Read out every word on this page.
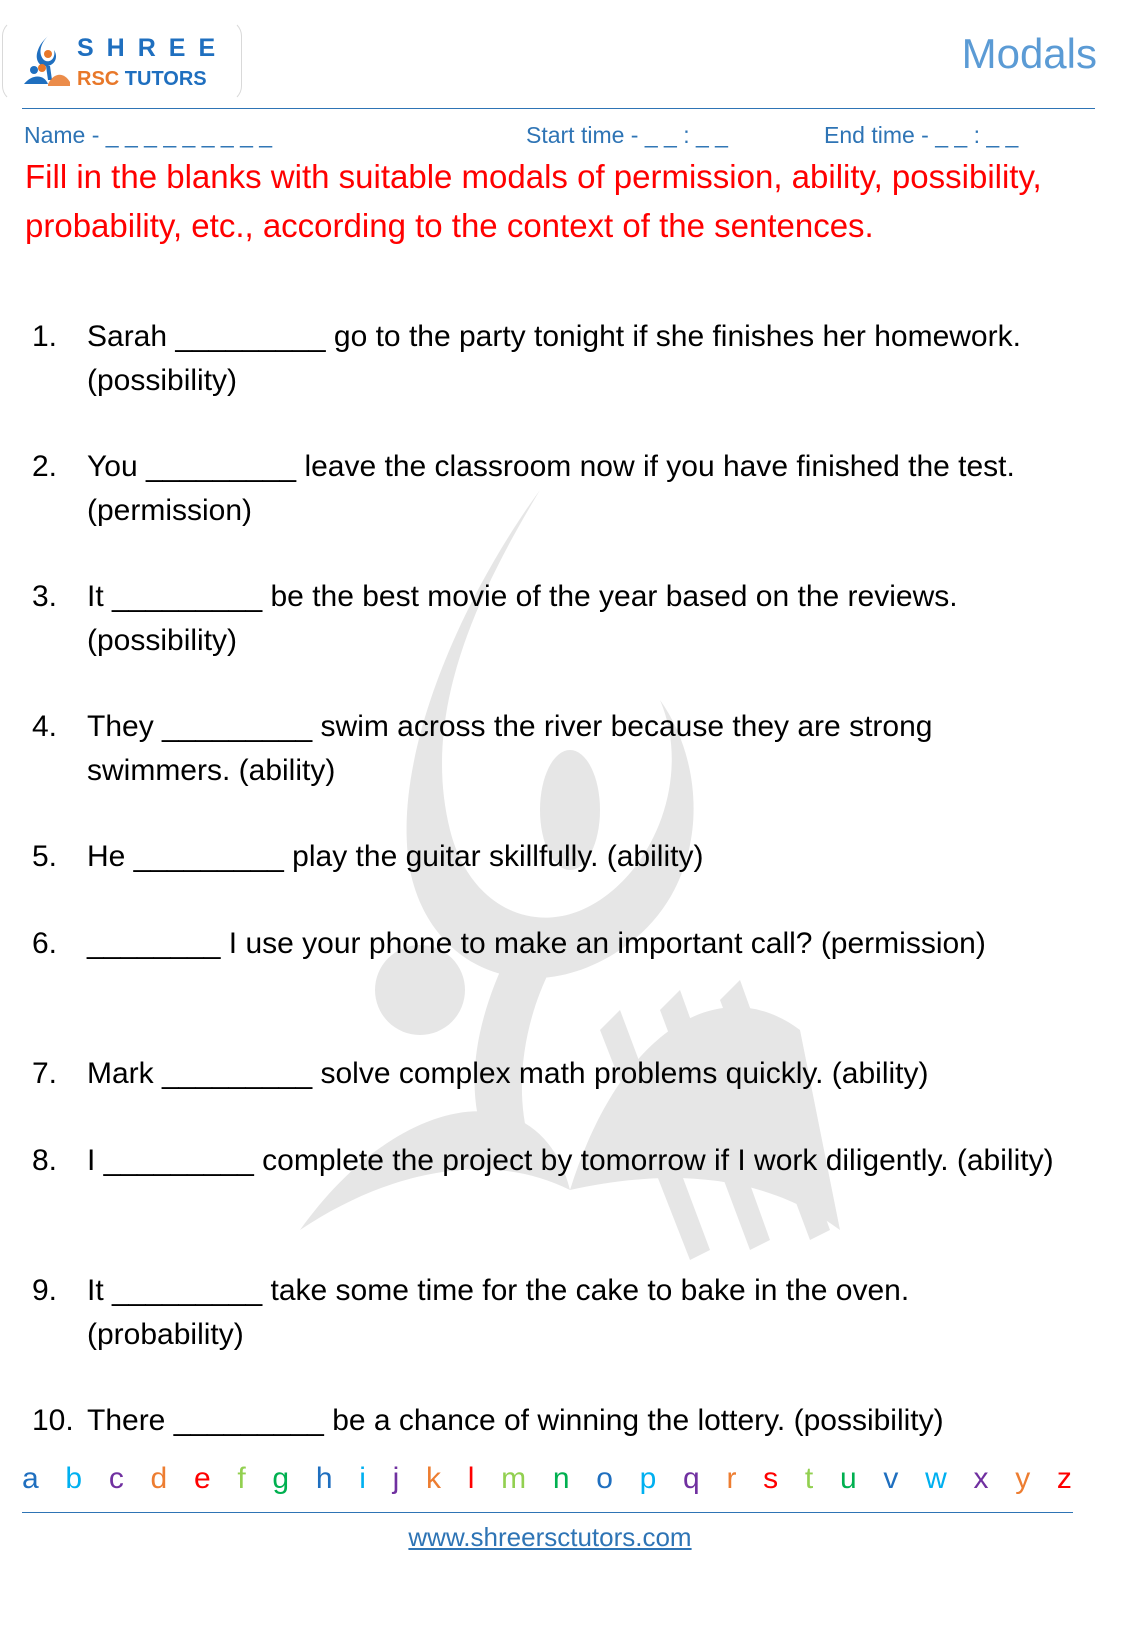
SHREE
RSC TUTORS
Modals
Name - _ _ _ _ _ _ _ _ _	Start time - _ _ : _ _	End time - _ _ : _ _
Fill in the blanks with suitable modals of permission, ability, possibility, probability, etc., according to the context of the sentences.
1. Sarah _________ go to the party tonight if she finishes her homework. (possibility)
2. You _________ leave the classroom now if you have finished the test. (permission)
3. It _________ be the best movie of the year based on the reviews. (possibility)
4. They _________ swim across the river because they are strong swimmers. (ability)
5. He _________ play the guitar skillfully. (ability)
6. ________ I use your phone to make an important call? (permission)
7. Mark _________ solve complex math problems quickly. (ability)
8. I _________ complete the project by tomorrow if I work diligently. (ability)
9. It _________ take some time for the cake to bake in the oven. (probability)
10. There _________ be a chance of winning the lottery. (possibility)
a b c d e f g h i j k l m n o p q r s t u v w x y z
www.shreersctutors.com
